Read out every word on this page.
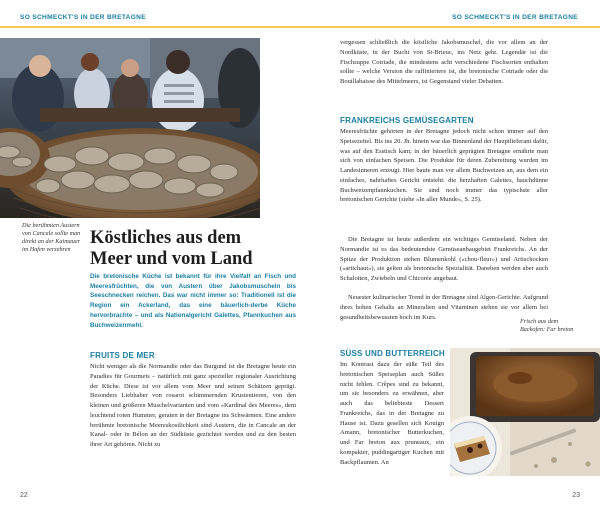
SO SCHMECKT'S IN DER BRETAGNE
Die berühmten Austern von Cancale sollte man direkt an der Kaimauer im Hafen verzehren
Köstliches aus dem
Meer und vom Land
Die bretonische Küche ist bekannt für ihre Vielfalt an Fisch und Meeresfrüchten, die von Austern über Jakobsmuscheln bis Seeschnecken reichen. Das war nicht immer so: Traditionell ist die Region ein Ackerland, das eine bäuerlich-derbe Küche hervorbrachte – und als Nationalgericht Galettes, Pfannkuchen aus Buchweizenmehl.
FRUITS DE MER
Nicht weniger als die Normandie oder das Burgund ist die Bretagne heute ein Paradies für Gourmets – natürlich mit ganz spezieller regionaler Ausrichtung der Küche. Diese ist vor allem vom Meer und seinen Schätzen geprägt. Besonders Liebhaber von rosarot schimmernden Krustentieren, von den kleinen und größeren Muschelvarianten und vom »Kardinal des Meeres«, dem leuchtend roten Hummer, geraten in der Bretagne ins Schwärmen. Eine andere berühmte bretonische Meereskostlichkeit sind Austern, die in Cancale an der Kanal- oder in Bélon an der Südküste gezüchtet werden und zu den besten ihrer Art gehören. Nicht zu
22
SO SCHMECKT'S IN DER BRETAGNE
vergessen schließlich die köstliche Jakobsmuschel, die vor allem an der Nordküste, in der Bucht von St-Brieuc, ins Netz geht. Legendär ist die Fischsuppe Cotriade, die mindestens acht verschiedene Fischsorten enthalten sollte – welche Version die raffiniertere ist, die bretonische Cotriade oder die Bouillabaisse des Mittelmeers, ist Gegenstand vieler Debatten.
FRANKREICHS GEMÜSEGARTEN
Meeresfrüchte gehörten in der Bretagne jedoch nicht schon immer auf den Speisezettel. Bis ins 20. Jh. hinein war das Binnenland der Hauptlieferant dafür, was auf den Esstisch kam; in der bäuerlich geprägten Bretagne ernährte man sich von einfachen Speisen. Die Produkte für deren Zubereitung wurden im Landesinneren erzeugt. Hier baute man vor allem Buchweizen an, aus dem ein einfaches, nahrhaftes Gericht entsteht: die herzhaften Galettes, hauchdünne Buchweizenpfannkuchen. Sie sind noch immer das typischste aller bretonischen Gerichte (siehe »In aller Munde«, S. 25).
Die Bretagne ist heute außerdem ein wichtiges Gemüseland. Neben der Normandie ist es das bedeutendste Gemüseanbaugebiet Frankreichs. An der Spitze der Produktion stehen Blumenkohl («chou-fleur») und Artischocken («artichaut»), sie gelten als bretonische Spezialität. Daneben werden aber auch Schalotten, Zwiebeln und Chicorée angebaut.
Neuester kulinarischer Trend in der Bretagne sind Algen-Gerichte. Aufgrund ihres hohen Gehalts an Mineralien und Vitaminen stehen sie vor allem bei gesundheitsbewussten hoch im Kurs.
SÜSS UND BUTTERREICH
Im Kontrast dazu der süße Teil des bretonischen Speiseplan auch Süßes nicht fehlen. Crêpes sind zu bekannt, um sie besonders zu erwähnen, aber auch das beliebteste Dessert Frankreichs, das in der Bretagne zu Hause ist. Dazu gesellen sich Kouign Amann, bretonischer Butterkuchen, und Far breton aux pruneaux, ein kompakter, puddingartiger Kuchen mit Backpflaumen. An
Frisch aus dem Backofen: Far breton
23
